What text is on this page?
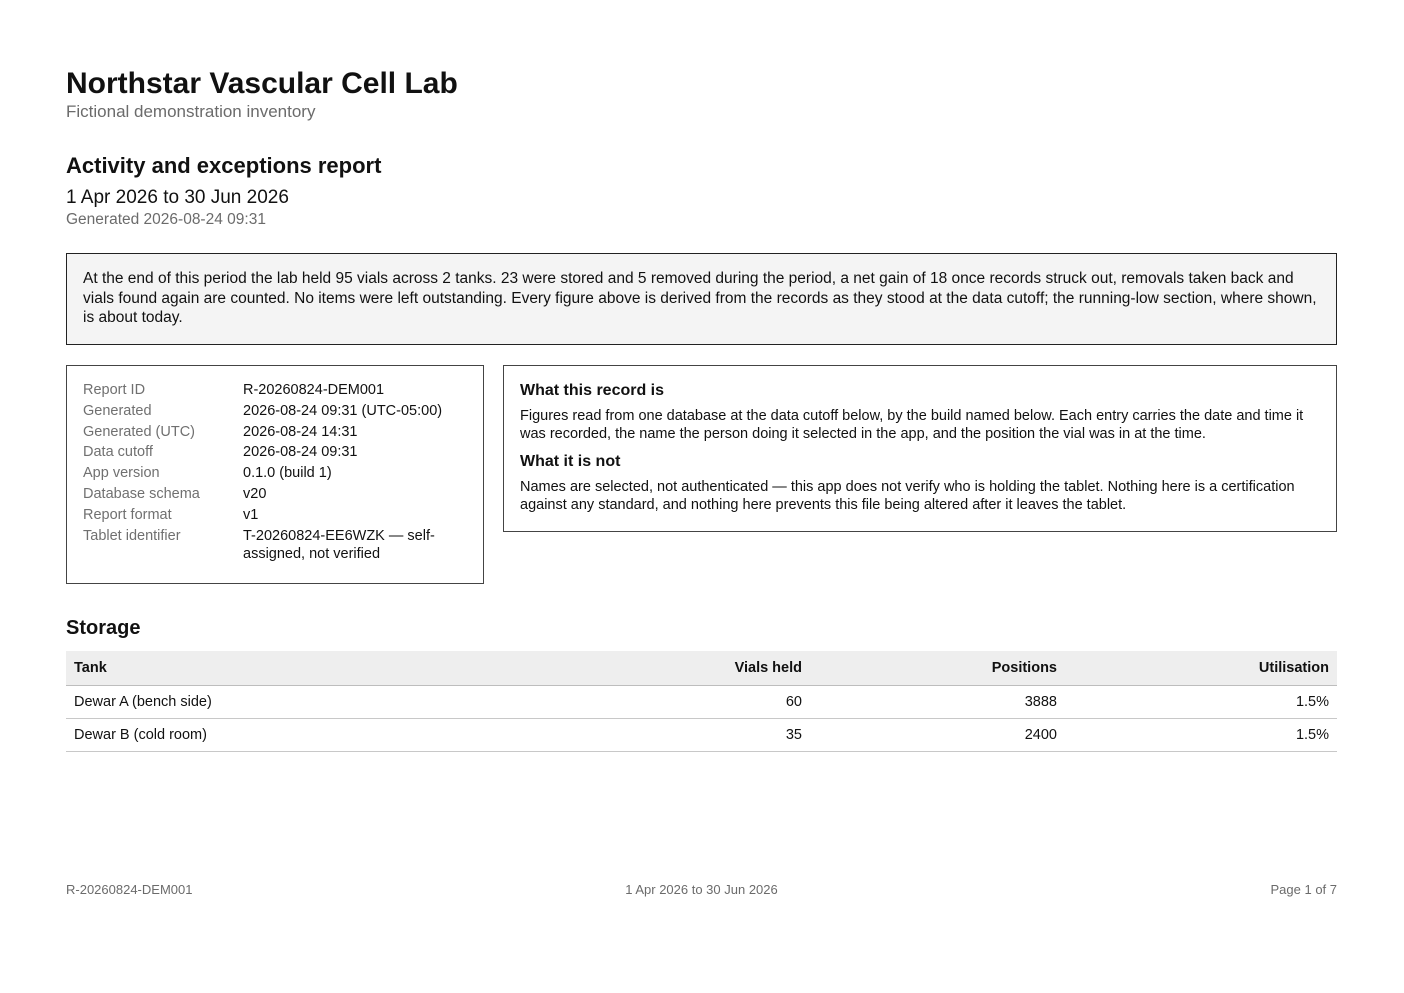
Northstar Vascular Cell Lab
Fictional demonstration inventory
Activity and exceptions report
1 Apr 2026 to 30 Jun 2026
Generated 2026-08-24 09:31
At the end of this period the lab held 95 vials across 2 tanks. 23 were stored and 5 removed during the period, a net gain of 18 once records struck out, removals taken back and vials found again are counted. No items were left outstanding. Every figure above is derived from the records as they stood at the data cutoff; the running-low section, where shown, is about today.
Report ID	R-20260824-DEM001
Generated	2026-08-24 09:31 (UTC-05:00)
Generated (UTC)	2026-08-24 14:31
Data cutoff	2026-08-24 09:31
App version	0.1.0 (build 1)
Database schema	v20
Report format	v1
Tablet identifier	T-20260824-EE6WZK — self-assigned, not verified
What this record is

Figures read from one database at the data cutoff below, by the build named below. Each entry carries the date and time it was recorded, the name the person doing it selected in the app, and the position the vial was in at the time.

What it is not

Names are selected, not authenticated — this app does not verify who is holding the tablet. Nothing here is a certification against any standard, and nothing here prevents this file being altered after it leaves the tablet.

Storage
Tank	Vials held	Positions	Utilisation
Dewar A (bench side)	60	3888	1.5%
Dewar B (cold room)	35	2400	1.5%
R-20260824-DEM001	1 Apr 2026 to 30 Jun 2026	Page 1 of 7
